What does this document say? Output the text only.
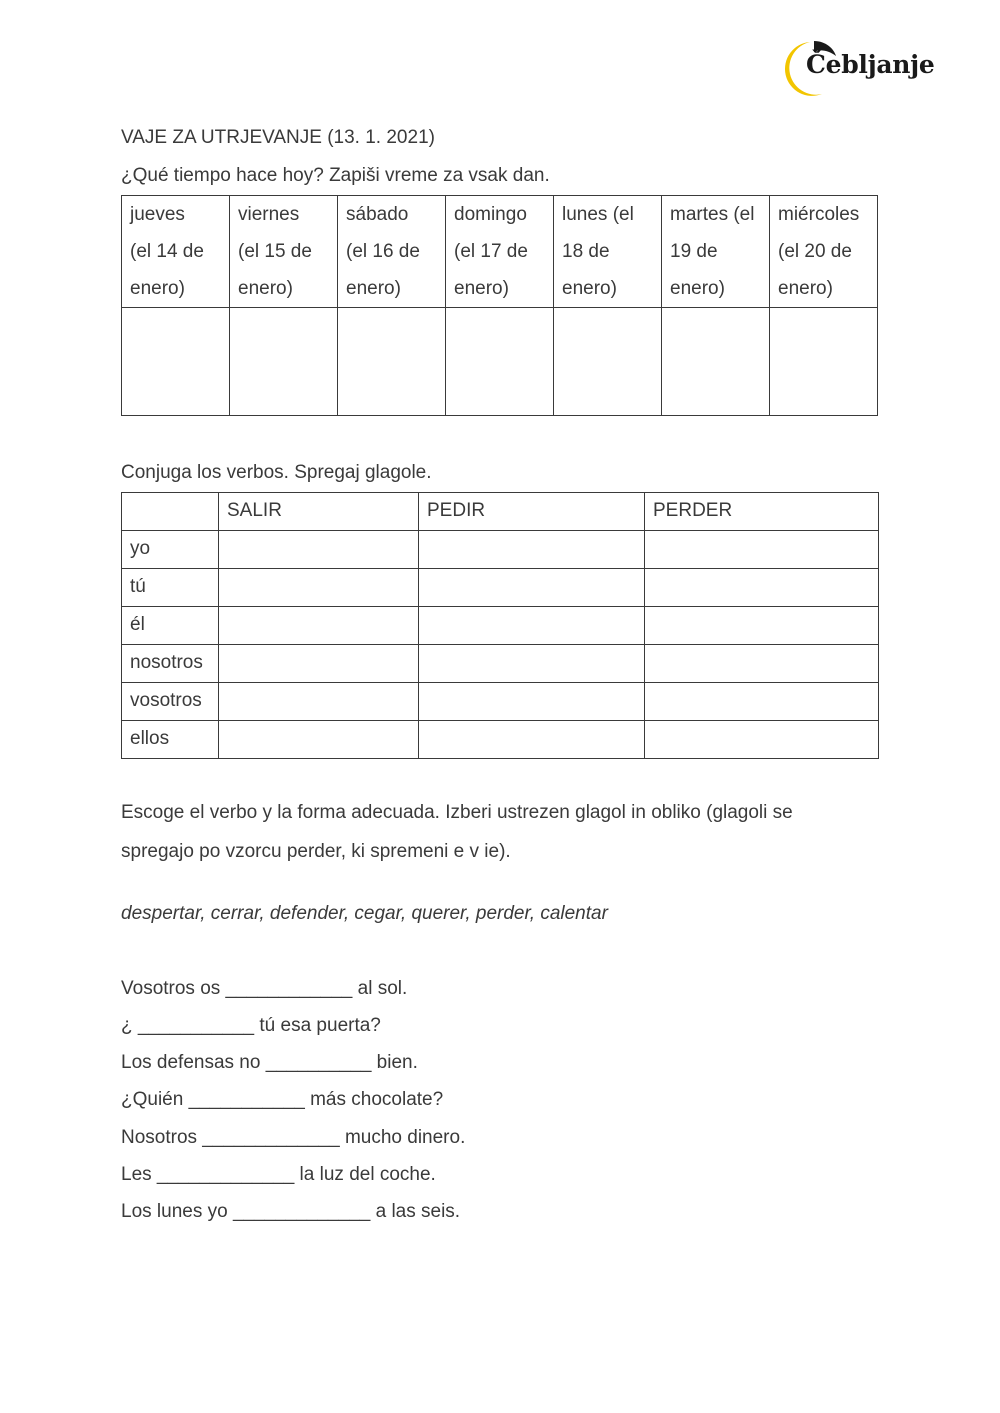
Čebljanje
VAJE ZA UTRJEVANJE (13. 1. 2021)
¿Qué tiempo hace hoy? Zapiši vreme za vsak dan.
jueves
(el 14 de
enero)	viernes
(el 15 de
enero)	sábado
(el 16 de
enero)	domingo
(el 17 de
enero)	lunes (el
18 de
enero)	martes (el
19 de
enero)	miércoles
(el 20 de
enero)

Conjuga los verbos. Spregaj glagole.
	SALIR	PEDIR	PERDER
yo			
tú			
él			
nosotros			
vosotros			
ellos			
Escoge el verbo y la forma adecuada. Izberi ustrezen glagol in obliko (glagoli se
spregajo po vzorcu perder, ki spremeni e v ie).
despertar, cerrar, defender, cegar, querer, perder, calentar
Vosotros os ____________ al sol.
¿ ___________ tú esa puerta?
Los defensas no __________ bien.
¿Quién ___________ más chocolate?
Nosotros _____________ mucho dinero.
Les _____________ la luz del coche.
Los lunes yo _____________ a las seis.
